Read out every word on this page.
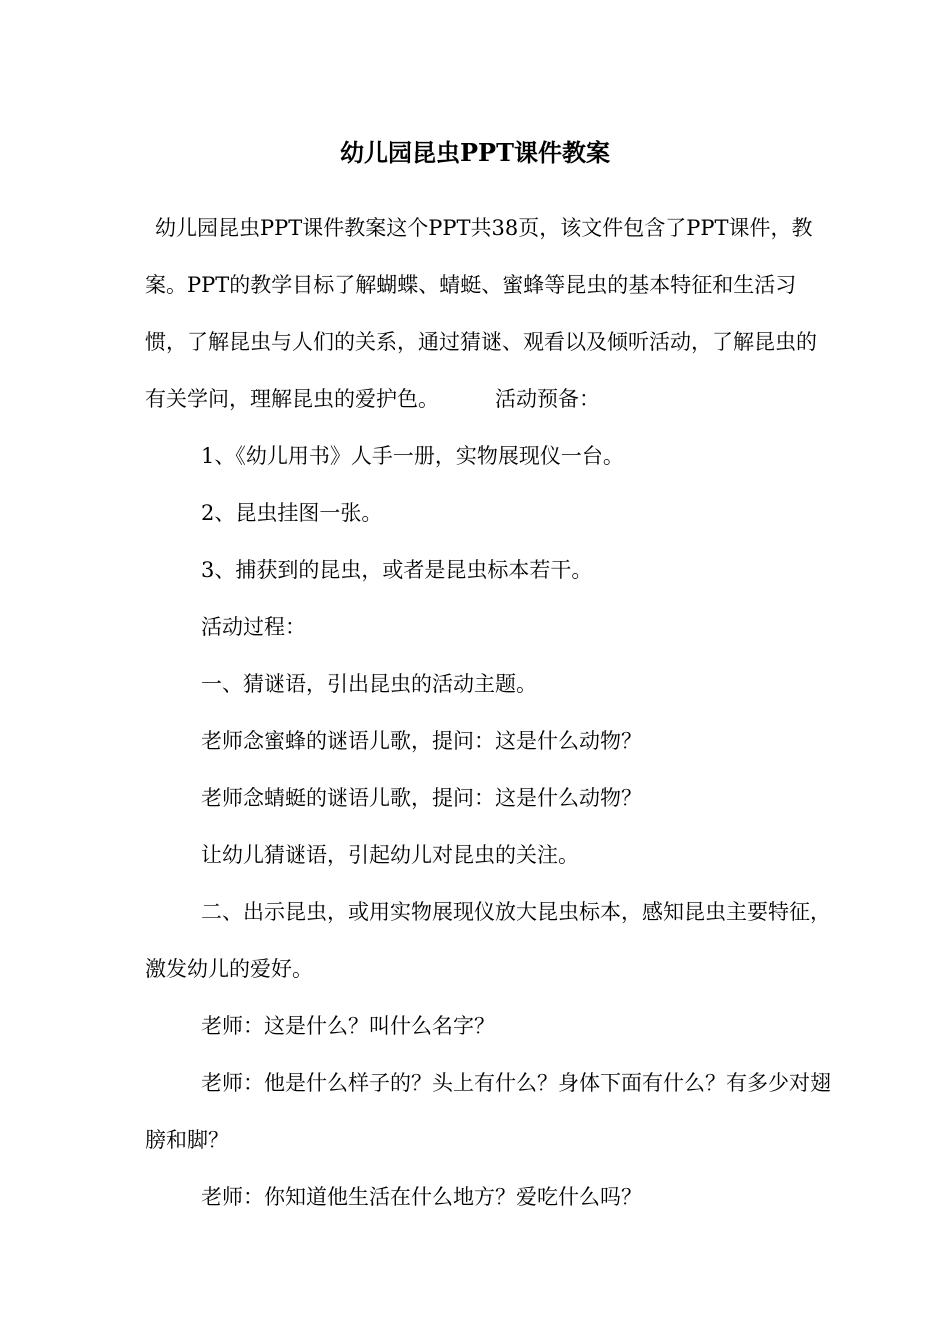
幼儿园昆虫PPT课件教案

幼儿园昆虫PPT课件教案这个PPT共38页，该文件包含了PPT课件，教案。PPT的教学目标了解蝴蝶、蜻蜓、蜜蜂等昆虫的基本特征和生活习惯，了解昆虫与人们的关系，通过猜谜、观看以及倾听活动，了解昆虫的有关学问，理解昆虫的爱护色。	活动预备：

1、《幼儿用书》人手一册，实物展现仪一台。

2、昆虫挂图一张。

3、捕获到的昆虫，或者是昆虫标本若干。

活动过程：

一、猜谜语，引出昆虫的活动主题。

老师念蜜蜂的谜语儿歌，提问：这是什么动物？

老师念蜻蜓的谜语儿歌，提问：这是什么动物？

让幼儿猜谜语，引起幼儿对昆虫的关注。

二、出示昆虫，或用实物展现仪放大昆虫标本，感知昆虫主要特征，激发幼儿的爱好。

老师：这是什么？叫什么名字？

老师：他是什么样子的？头上有什么？身体下面有什么？有多少对翅膀和脚？

老师：你知道他生活在什么地方？爱吃什么吗？
